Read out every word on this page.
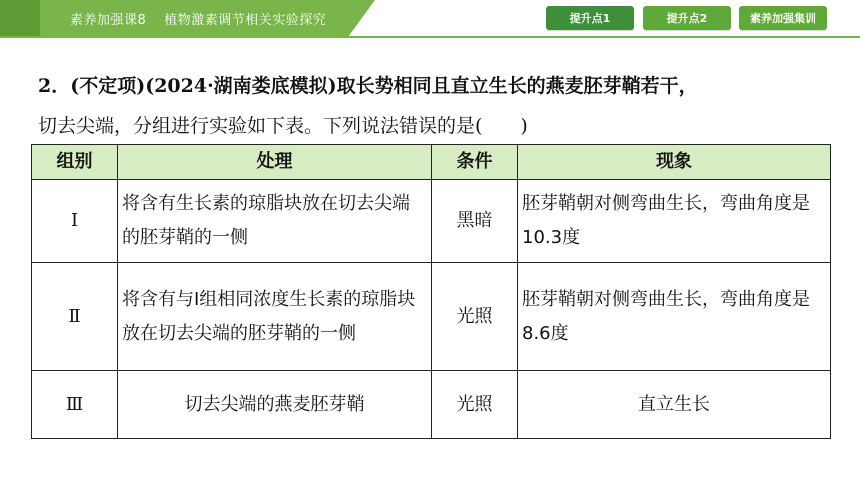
素养加强课8 植物激素调节相关实验探究	提升点1	提升点2	素养加强集训
2．(不定项)(2024·湖南娄底模拟)取长势相同且直立生长的燕麦胚芽鞘若干，
切去尖端，分组进行实验如下表。下列说法错误的是(　　)
组别	处理	条件	现象
Ⅰ	将含有生长素的琼脂块放在切去尖端的胚芽鞘的一侧	黑暗	胚芽鞘朝对侧弯曲生长，弯曲角度是10.3度
Ⅱ	将含有与Ⅰ组相同浓度生长素的琼脂块放在切去尖端的胚芽鞘的一侧	光照	胚芽鞘朝对侧弯曲生长，弯曲角度是8.6度
Ⅲ	切去尖端的燕麦胚芽鞘	光照	直立生长
